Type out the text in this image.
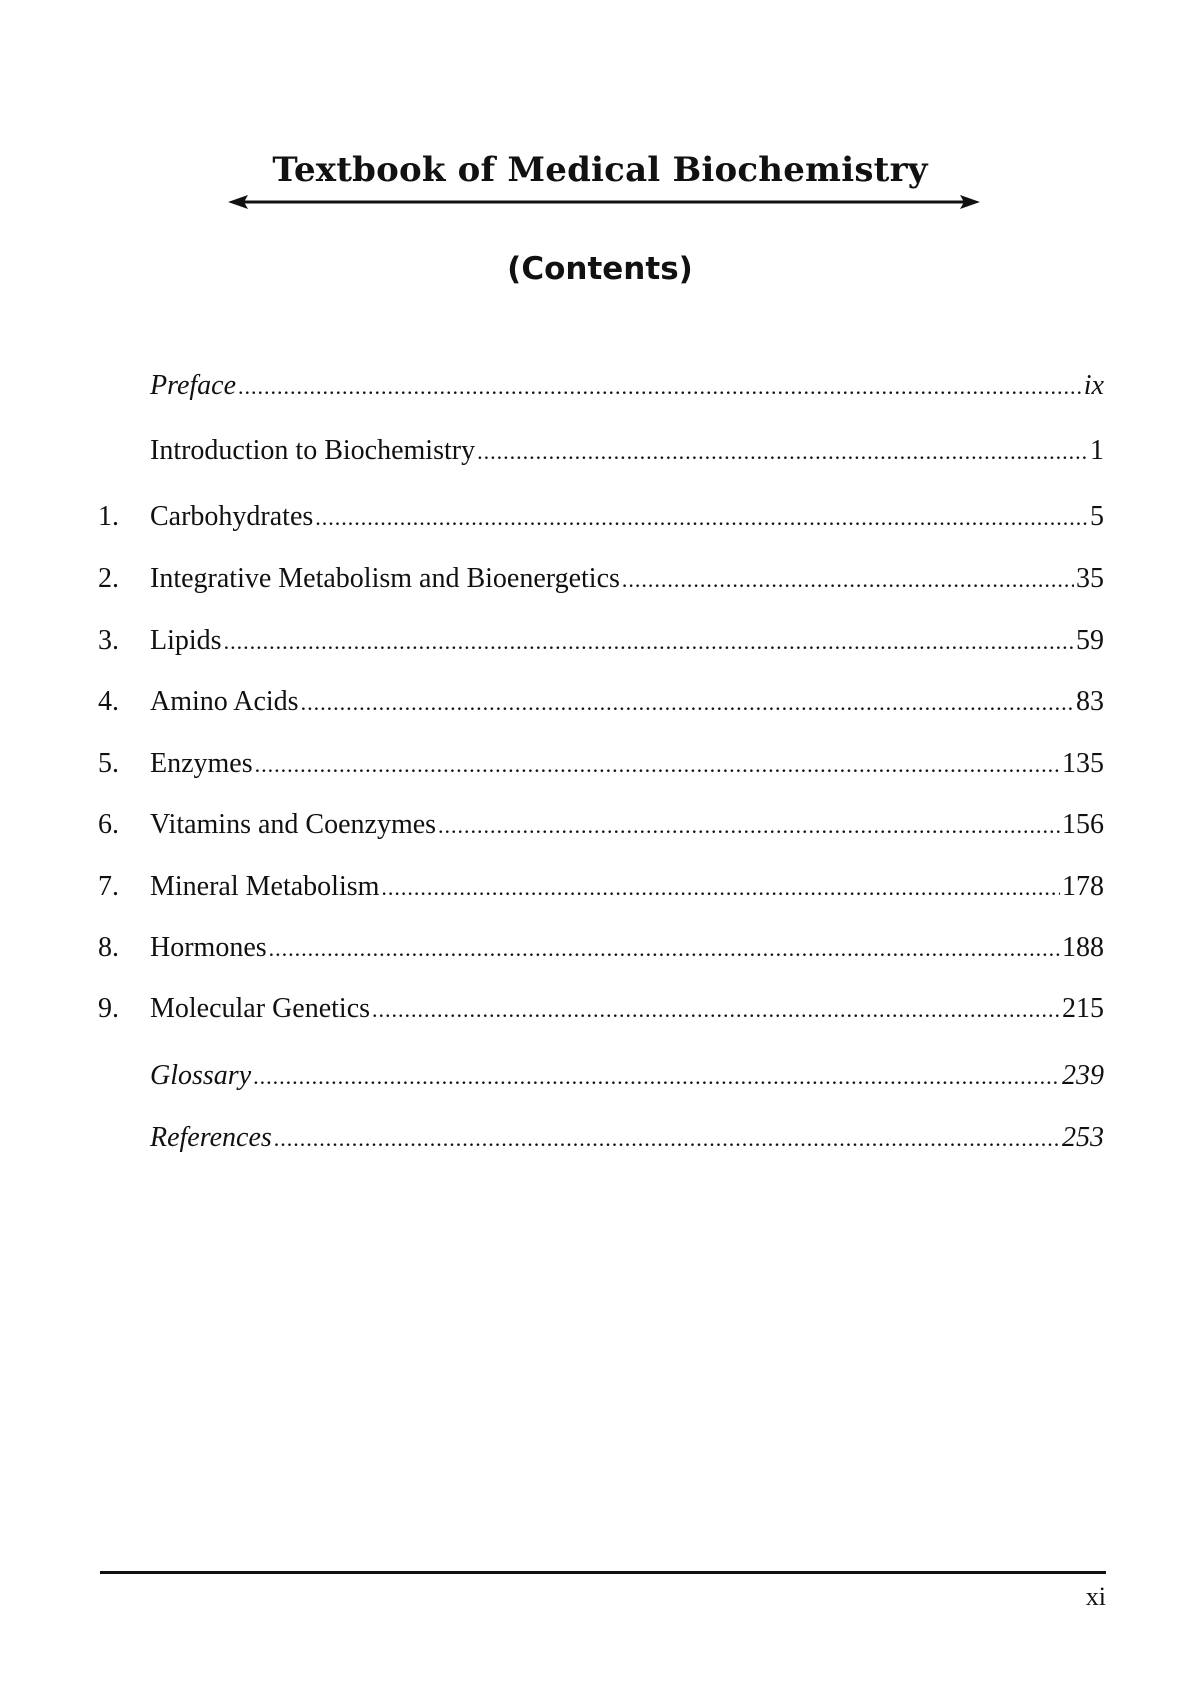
Textbook of Medical Biochemistry
(Contents)
Preface .....	ix
Introduction to Biochemistry .....	1
1.	Carbohydrates .....	5
2.	Integrative Metabolism and Bioenergetics .....	35
3.	Lipids .....	59
4.	Amino Acids .....	83
5.	Enzymes .....	135
6.	Vitamins and Coenzymes .....	156
7.	Mineral Metabolism .....	178
8.	Hormones .....	188
9.	Molecular Genetics .....	215
Glossary .....	239
References .....	253
xi
